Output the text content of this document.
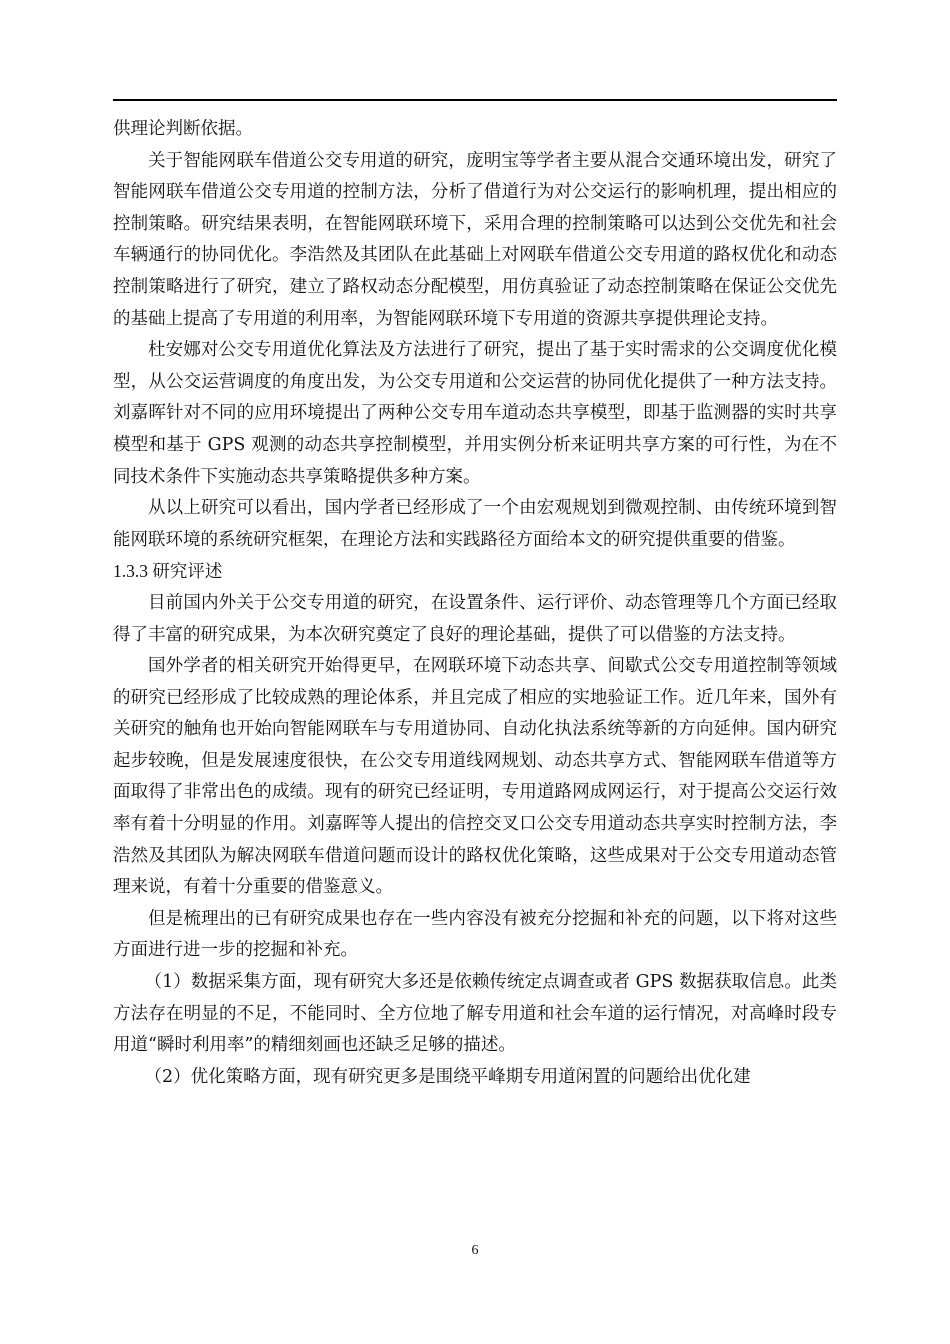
供理论判断依据。

关于智能网联车借道公交专用道的研究，庞明宝等学者主要从混合交通环境出发，研究了智能网联车借道公交专用道的控制方法，分析了借道行为对公交运行的影响机理，提出相应的控制策略。研究结果表明，在智能网联环境下，采用合理的控制策略可以达到公交优先和社会车辆通行的协同优化。李浩然及其团队在此基础上对网联车借道公交专用道的路权优化和动态控制策略进行了研究，建立了路权动态分配模型，用仿真验证了动态控制策略在保证公交优先的基础上提高了专用道的利用率，为智能网联环境下专用道的资源共享提供理论支持。

杜安娜对公交专用道优化算法及方法进行了研究，提出了基于实时需求的公交调度优化模型，从公交运营调度的角度出发，为公交专用道和公交运营的协同优化提供了一种方法支持。刘嘉晖针对不同的应用环境提出了两种公交专用车道动态共享模型，即基于监测器的实时共享模型和基于 GPS 观测的动态共享控制模型，并用实例分析来证明共享方案的可行性，为在不同技术条件下实施动态共享策略提供多种方案。

从以上研究可以看出，国内学者已经形成了一个由宏观规划到微观控制、由传统环境到智能网联环境的系统研究框架，在理论方法和实践路径方面给本文的研究提供重要的借鉴。

1.3.3 研究评述

目前国内外关于公交专用道的研究，在设置条件、运行评价、动态管理等几个方面已经取得了丰富的研究成果，为本次研究奠定了良好的理论基础，提供了可以借鉴的方法支持。

国外学者的相关研究开始得更早，在网联环境下动态共享、间歇式公交专用道控制等领域的研究已经形成了比较成熟的理论体系，并且完成了相应的实地验证工作。近几年来，国外有关研究的触角也开始向智能网联车与专用道协同、自动化执法系统等新的方向延伸。国内研究起步较晚，但是发展速度很快，在公交专用道线网规划、动态共享方式、智能网联车借道等方面取得了非常出色的成绩。现有的研究已经证明，专用道路网成网运行，对于提高公交运行效率有着十分明显的作用。刘嘉晖等人提出的信控交叉口公交专用道动态共享实时控制方法，李浩然及其团队为解决网联车借道问题而设计的路权优化策略，这些成果对于公交专用道动态管理来说，有着十分重要的借鉴意义。

但是梳理出的已有研究成果也存在一些内容没有被充分挖掘和补充的问题，以下将对这些方面进行进一步的挖掘和补充。

（1）数据采集方面，现有研究大多还是依赖传统定点调查或者 GPS 数据获取信息。此类方法存在明显的不足，不能同时、全方位地了解专用道和社会车道的运行情况，对高峰时段专用道“瞬时利用率”的精细刻画也还缺乏足够的描述。

（2）优化策略方面，现有研究更多是围绕平峰期专用道闲置的问题给出优化建

6
